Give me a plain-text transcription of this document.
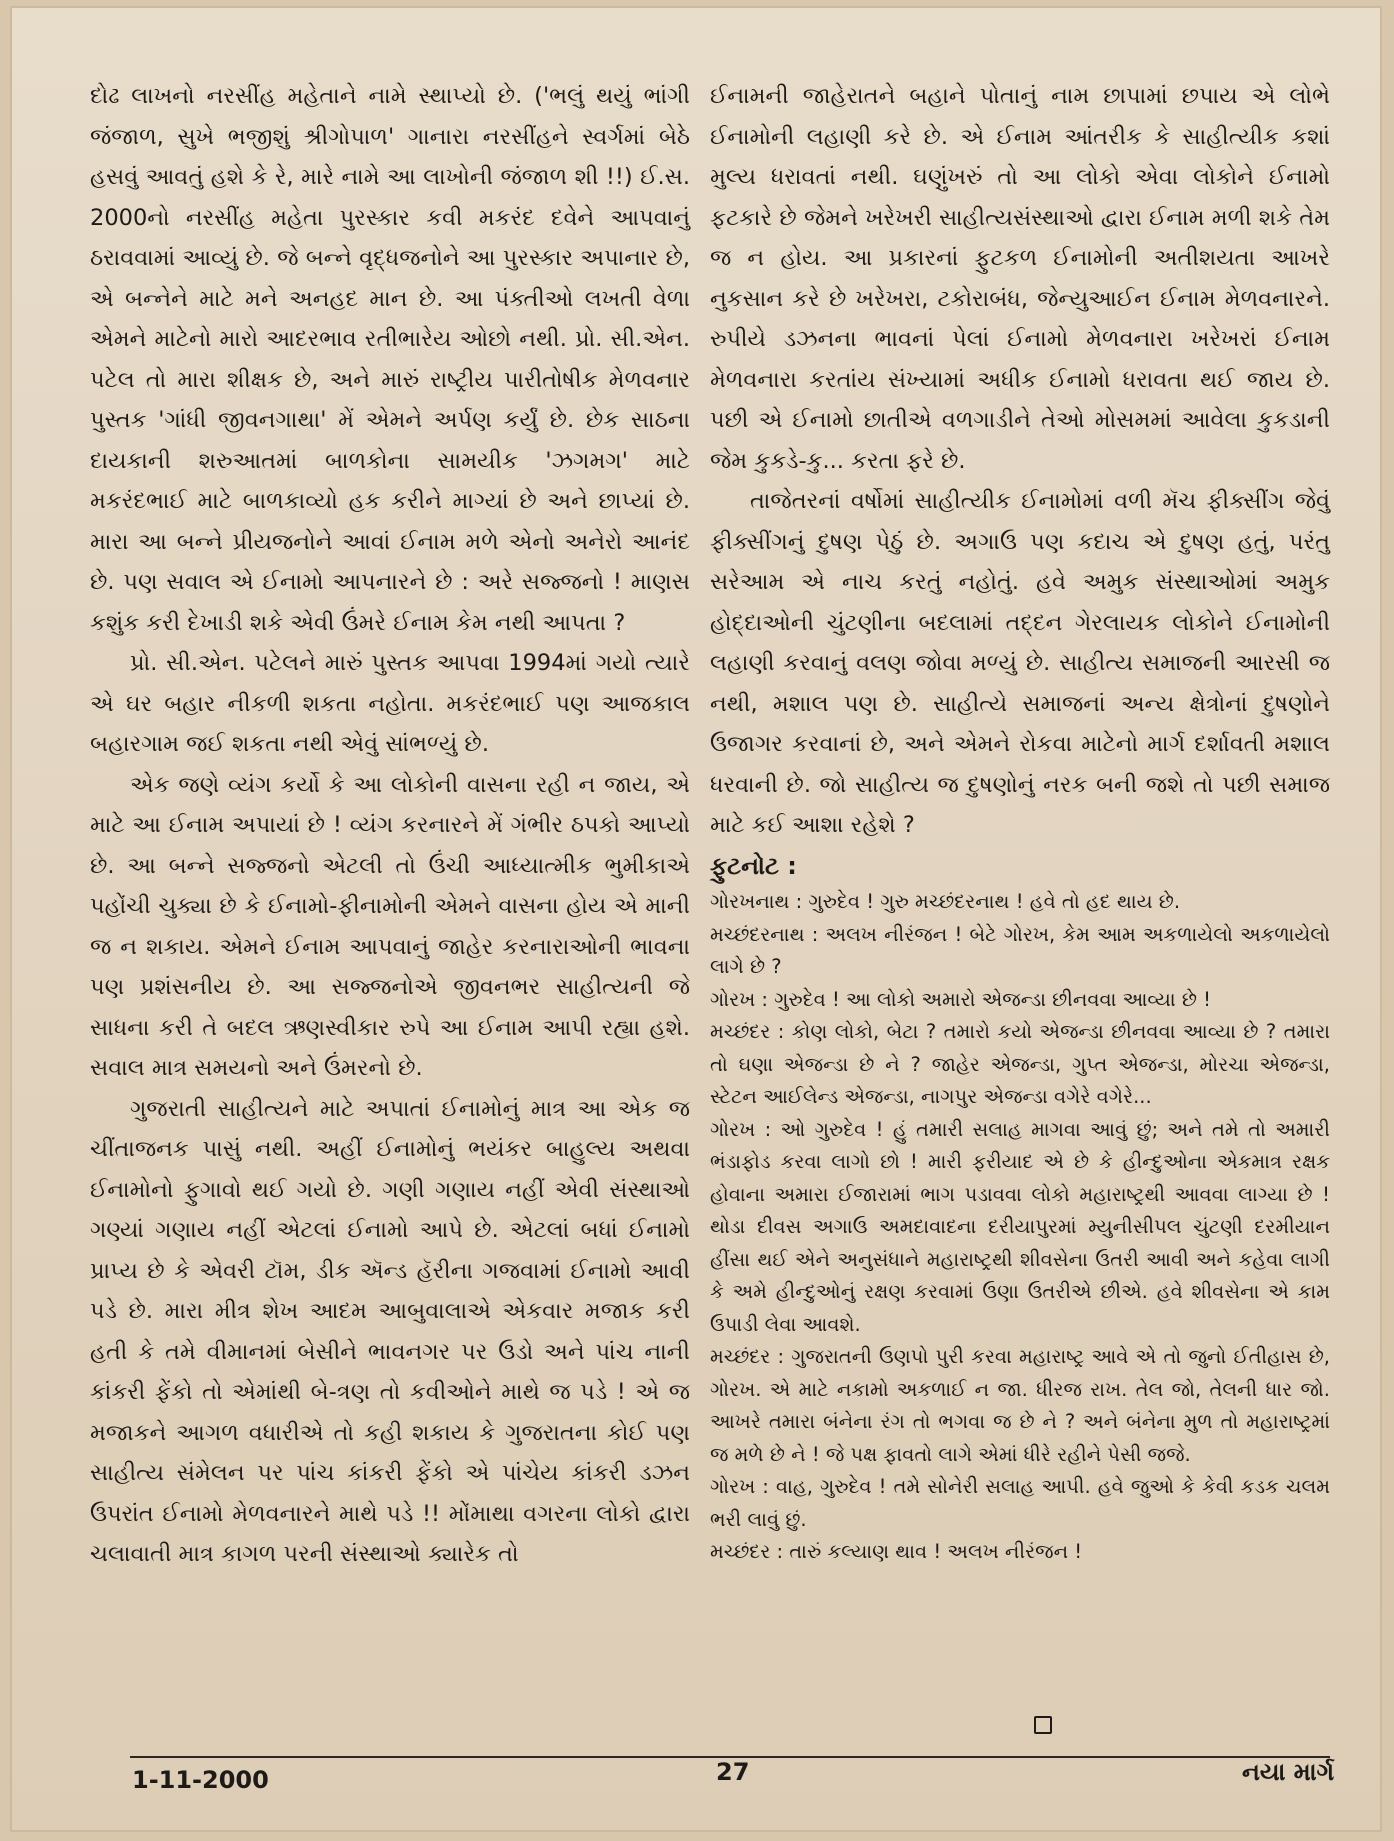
દોઢ લાખનો નરસીંહ મહેતાને નામે સ્થાપ્યો છે. ('ભલું થયું ભાંગી જંજાળ, સુખે ભજીશું શ્રીગોપાળ' ગાનારા નરસીંહને સ્વર્ગમાં બેઠે હસવું આવતું હશે કે રે, મારે નામે આ લાખોની જંજાળ શી !!) ઈ.સ. 2000નો નરસીંહ મહેતા પુરસ્કાર કવી મકરંદ દવેને આપવાનું ઠરાવવામાં આવ્યું છે. જે બન્ને વૃદ્ધજનોને આ પુરસ્કાર અપાનાર છે, એ બન્નેને માટે મને અનહદ માન છે. આ પંક્તીઓ લખતી વેળા એમને માટેનો મારો આદરભાવ રતીભારેય ઓછો નથી. પ્રો. સી.એન. પટેલ તો મારા શીક્ષક છે, અને મારું રાષ્ટ્રીય પારીતોષીક મેળવનાર પુસ્તક 'ગાંધી જીવનગાથા' મેં એમને અર્પણ કર્યું છે. છેક સાઠના દાયકાની શરુઆતમાં બાળકોના સામયીક 'ઝગમગ' માટે મકરંદભાઈ માટે બાળકાવ્યો હક કરીને માગ્યાં છે અને છાપ્યાં છે. મારા આ બન્ને પ્રીયજનોને આવાં ઈનામ મળે એનો અનેરો આનંદ છે. પણ સવાલ એ ઈનામો આપનારને છે : અરે સજ્જનો ! માણસ કશુંક કરી દેખાડી શકે એવી ઉંમરે ઈનામ કેમ નથી આપતા ?

પ્રો. સી.એન. પટેલને મારું પુસ્તક આપવા 1994માં ગયો ત્યારે એ ઘર બહાર નીકળી શકતા નહોતા. મકરંદભાઈ પણ આજકાલ બહારગામ જઈ શકતા નથી એવું સાંભળ્યું છે.

એક જણે વ્યંગ કર્યો કે આ લોકોની વાસના રહી ન જાય, એ માટે આ ઈનામ અપાયાં છે ! વ્યંગ કરનારને મેં ગંભીર ઠપકો આપ્યો છે. આ બન્ને સજ્જનો એટલી તો ઉંચી આધ્યાત્મીક ભુમીકાએ પહોંચી ચુક્યા છે કે ઈનામો-ફીનામોની એમને વાસના હોય એ માની જ ન શકાય. એમને ઈનામ આપવાનું જાહેર કરનારાઓની ભાવના પણ પ્રશંસનીય છે. આ સજ્જનોએ જીવનભર સાહીત્યની જે સાધના કરી તે બદલ ઋણસ્વીકાર રુપે આ ઈનામ આપી રહ્યા હશે. સવાલ માત્ર સમયનો અને ઉંમરનો છે.

ગુજરાતી સાહીત્યને માટે અપાતાં ઈનામોનું માત્ર આ એક જ ચીંતાજનક પાસું નથી. અહીં ઈનામોનું ભયંકર બાહુલ્ય અથવા ઈનામોનો ફુગાવો થઈ ગયો છે. ગણી ગણાય નહીં એવી સંસ્થાઓ ગણ્યાં ગણાય નહીં એટલાં ઈનામો આપે છે. એટલાં બધાં ઈનામો પ્રાપ્ય છે કે એવરી ટૉમ, ડીક ઍન્ડ હૅરીના ગજવામાં ઈનામો આવી પડે છે. મારા મીત્ર શેખ આદમ આબુવાલાએ એકવાર મજાક કરી હતી કે તમે વીમાનમાં બેસીને ભાવનગર પર ઉડો અને પાંચ નાની કાંકરી ફેંકો તો એમાંથી બે-ત્રણ તો કવીઓને માથે જ પડે ! એ જ મજાકને આગળ વધારીએ તો કહી શકાય કે ગુજરાતના કોઈ પણ સાહીત્ય સંમેલન પર પાંચ કાંકરી ફેંકો એ પાંચેય કાંકરી ડઝન ઉપરાંત ઈનામો મેળવનારને માથે પડે !! મોંમાથા વગરના લોકો દ્વારા ચલાવાતી માત્ર કાગળ પરની સંસ્થાઓ ક્યારેક તો

ઈનામની જાહેરાતને બહાને પોતાનું નામ છાપામાં છપાય એ લોભે ઈનામોની લહાણી કરે છે. એ ઈનામ આંતરીક કે સાહીત્યીક કશાં મુલ્ય ધરાવતાં નથી. ઘણુંખરું તો આ લોકો એવા લોકોને ઈનામો ફટકારે છે જેમને ખરેખરી સાહીત્યસંસ્થાઓ દ્વારા ઈનામ મળી શકે તેમ જ ન હોય. આ પ્રકારનાં ફુટકળ ઈનામોની અતીશયતા આખરે નુકસાન કરે છે ખરેખરા, ટકોરાબંધ, જેન્યુઆઈન ઈનામ મેળવનારને. રુપીયે ડઝનના ભાવનાં પેલાં ઈનામો મેળવનારા ખરેખરાં ઈનામ મેળવનારા કરતાંય સંખ્યામાં અધીક ઈનામો ધરાવતા થઈ જાય છે. પછી એ ઈનામો છાતીએ વળગાડીને તેઓ મોસમમાં આવેલા કુકડાની જેમ કુકડે-કુ... કરતા ફરે છે.

તાજેતરનાં વર્ષોમાં સાહીત્યીક ઈનામોમાં વળી મૅચ ફીક્સીંગ જેવું ફીક્સીંગનું દુષણ પેઠું છે. અગાઉ પણ કદાચ એ દુષણ હતું, પરંતુ સરેઆમ એ નાચ કરતું નહોતું. હવે અમુક સંસ્થાઓમાં અમુક હોદ્દાઓની ચુંટણીના બદલામાં તદ્દન ગેરલાયક લોકોને ઈનામોની લહાણી કરવાનું વલણ જોવા મળ્યું છે. સાહીત્ય સમાજની આરસી જ નથી, મશાલ પણ છે. સાહીત્યે સમાજનાં અન્ય ક્ષેત્રોનાં દુષણોને ઉજાગર કરવાનાં છે, અને એમને રોકવા માટેનો માર્ગ દર્શાવતી મશાલ ધરવાની છે. જો સાહીત્ય જ દુષણોનું નરક બની જશે તો પછી સમાજ માટે કઈ આશા રહેશે ?

ફુટનોટ :

ગોરખનાથ : ગુરુદેવ ! ગુરુ મચ્છંદરનાથ ! હવે તો હદ થાય છે.

મચ્છંદરનાથ : અલખ નીરંજન ! બેટે ગોરખ, કેમ આમ અકળાયેલો અકળાયેલો લાગે છે ?

ગોરખ : ગુરુદેવ ! આ લોકો અમારો એજન્ડા છીનવવા આવ્યા છે !

મચ્છંદર : કોણ લોકો, બેટા ? તમારો કયો એજન્ડા છીનવવા આવ્યા છે ? તમારા તો ઘણા એજન્ડા છે ને ? જાહેર એજન્ડા, ગુપ્ત એજન્ડા, મોરચા એજન્ડા, સ્ટેટન આઈલેન્ડ એજન્ડા, નાગપુર એજન્ડા વગેરે વગેરે...

ગોરખ : ઓ ગુરુદેવ ! હું તમારી સલાહ માગવા આવું છું; અને તમે તો અમારી ભંડાફોડ કરવા લાગો છો ! મારી ફરીયાદ એ છે કે હીન્દુઓના એકમાત્ર રક્ષક હોવાના અમારા ઈજારામાં ભાગ પડાવવા લોકો મહારાષ્ટ્રથી આવવા લાગ્યા છે ! થોડા દીવસ અગાઉ અમદાવાદના દરીયાપુરમાં મ્યુનીસીપલ ચુંટણી દરમીયાન હીંસા થઈ એને અનુસંધાને મહારાષ્ટ્રથી શીવસેના ઉતરી આવી અને કહેવા લાગી કે અમે હીન્દુઓનું રક્ષણ કરવામાં ઉણા ઉતરીએ છીએ. હવે શીવસેના એ કામ ઉપાડી લેવા આવશે.

મચ્છંદર : ગુજરાતની ઉણપો પુરી કરવા મહારાષ્ટ્ર આવે એ તો જુનો ઈતીહાસ છે, ગોરખ. એ માટે નકામો અકળાઈ ન જા. ધીરજ રાખ. તેલ જો, તેલની ધાર જો. આખરે તમારા બંનેના રંગ તો ભગવા જ છે ને ? અને બંનેના મુળ તો મહારાષ્ટ્રમાં જ મળે છે ને ! જે પક્ષ ફાવતો લાગે એમાં ધીરે રહીને પેસી જજે.

ગોરખ : વાહ, ગુરુદેવ ! તમે સોનેરી સલાહ આપી. હવે જુઓ કે કેવી કડક ચલમ ભરી લાવું છું.

મચ્છંદર : તારું કલ્યાણ થાવ ! અલખ નીરંજન !

1-11-2000	27	નયા માર્ગ
